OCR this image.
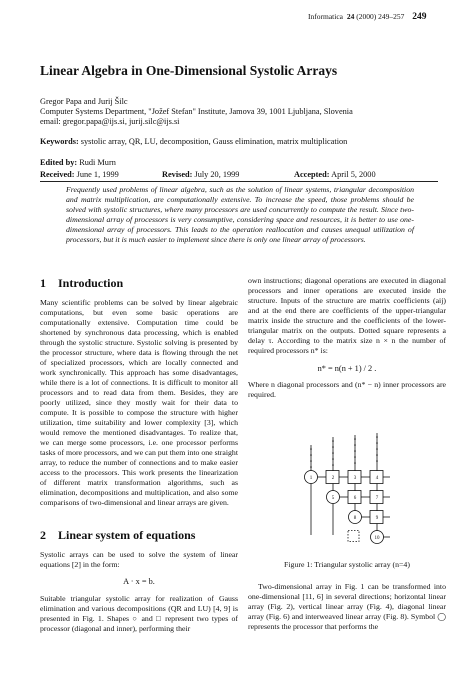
Informatica 24 (2000) 249–257 249
Linear Algebra in One-Dimensional Systolic Arrays
Gregor Papa and Jurij Šilc
Computer Systems Department, "Jožef Stefan" Institute, Jamova 39, 1001 Ljubljana, Slovenia
email: gregor.papa@ijs.si, jurij.silc@ijs.si
Keywords: systolic array, QR, LU, decomposition, Gauss elimination, matrix multiplication
Edited by: Rudi Murn
Received: June 1, 1999	Revised: July 20, 1999	Accepted: April 5, 2000

Frequently used problems of linear algebra, such as the solution of linear systems, triangular decomposition and matrix multiplication, are computationally extensive. To increase the speed, those problems should be solved with systolic structures, where many processors are used concurrently to compute the result. Since two-dimensional array of processors is very consumptive, considering space and resources, it is better to use one-dimensional array of processors. This leads to the operation reallocation and causes unequal utilization of processors, but it is much easier to implement since there is only one linear array of processors.

1 Introduction

Many scientific problems can be solved by linear algebraic computations, but even some basic operations are computationally extensive. Computation time could be shortened by synchronous data processing, which is enabled through the systolic structure. Systolic solving is presented by the processor structure, where data is flowing through the net of specialized processors, which are locally connected and work synchronically. This approach has some disadvantages, while there is a lot of connections. It is difficult to monitor all processors and to read data from them. Besides, they are poorly utilized, since they mostly wait for their data to compute. It is possible to compose the structure with higher utilization, time suitability and lower complexity [3], which would remove the mentioned disadvantages. To realize that, we can merge some processors, i.e. one processor performs tasks of more processors, and we can put them into one straight array, to reduce the number of connections and to make easier access to the processors. This work presents the linearization of different matrix transformation algorithms, such as elimination, decompositions and multiplication, and also some comparisons of two-dimensional and linear arrays are given.

2 Linear system of equations

Systolic arrays can be used to solve the system of linear equations [2] in the form:

A · x = b.

Suitable triangular systolic array for realization of Gauss elimination and various decompositions (QR and LU) [4, 9] is presented in Fig. 1. Shapes ○ and □ represent two types of processor (diagonal and inner), performing their

own instructions; diagonal operations are executed in diagonal processors and inner operations are executed inside the structure. Inputs of the structure are matrix coefficients (aij) and at the end there are coefficients of the upper-triangular matrix inside the structure and the coefficients of the lower-triangular matrix on the outputs. Dotted square represents a delay τ. According to the matrix size n × n the number of required processors n* is:

n* = n(n + 1) / 2 .

Where n diagonal processors and (n* − n) inner processors are required.

1	2	3	4
5	6	7
8	9
10
Figure 1: Triangular systolic array (n=4)

Two-dimensional array in Fig. 1 can be transformed into one-dimensional [11, 6] in several directions; horizontal linear array (Fig. 2), vertical linear array (Fig. 4), diagonal linear array (Fig. 6) and interweaved linear array (Fig. 8). Symbol ◯ represents the processor that performs the
